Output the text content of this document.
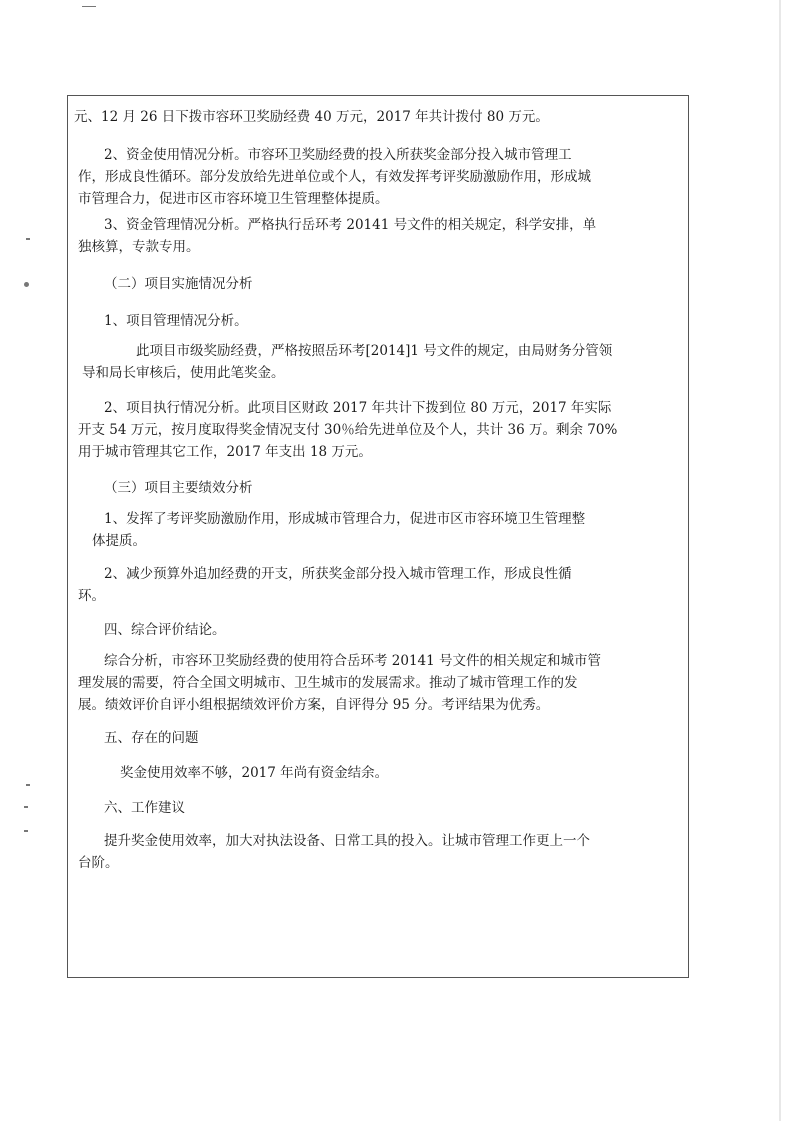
元、12 月 26 日下拨市容环卫奖励经费 40 万元，2017 年共计拨付 80 万元。

2、资金使用情况分析。市容环卫奖励经费的投入所获奖金部分投入城市管理工
作，形成良性循环。部分发放给先进单位或个人，有效发挥考评奖励激励作用，形成城
市管理合力，促进市区市容环境卫生管理整体提质。

3、资金管理情况分析。严格执行岳环考 20141 号文件的相关规定，科学安排，单
独核算，专款专用。

（二）项目实施情况分析

1、项目管理情况分析。

此项目市级奖励经费，严格按照岳环考[2014]1 号文件的规定，由局财务分管领
导和局长审核后，使用此笔奖金。

2、项目执行情况分析。此项目区财政 2017 年共计下拨到位 80 万元，2017 年实际
开支 54 万元，按月度取得奖金情况支付 30％给先进单位及个人，共计 36 万。剩余 70%
用于城市管理其它工作，2017 年支出 18 万元。

（三）项目主要绩效分析

1、发挥了考评奖励激励作用，形成城市管理合力，促进市区市容环境卫生管理整
体提质。

2、减少预算外追加经费的开支，所获奖金部分投入城市管理工作，形成良性循
环。

四、综合评价结论。

综合分析，市容环卫奖励经费的使用符合岳环考 20141 号文件的相关规定和城市管
理发展的需要，符合全国文明城市、卫生城市的发展需求。推动了城市管理工作的发
展。绩效评价自评小组根据绩效评价方案，自评得分 95 分。考评结果为优秀。

五、存在的问题

奖金使用效率不够，2017 年尚有资金结余。

六、工作建议

提升奖金使用效率，加大对执法设备、日常工具的投入。让城市管理工作更上一个
台阶。
